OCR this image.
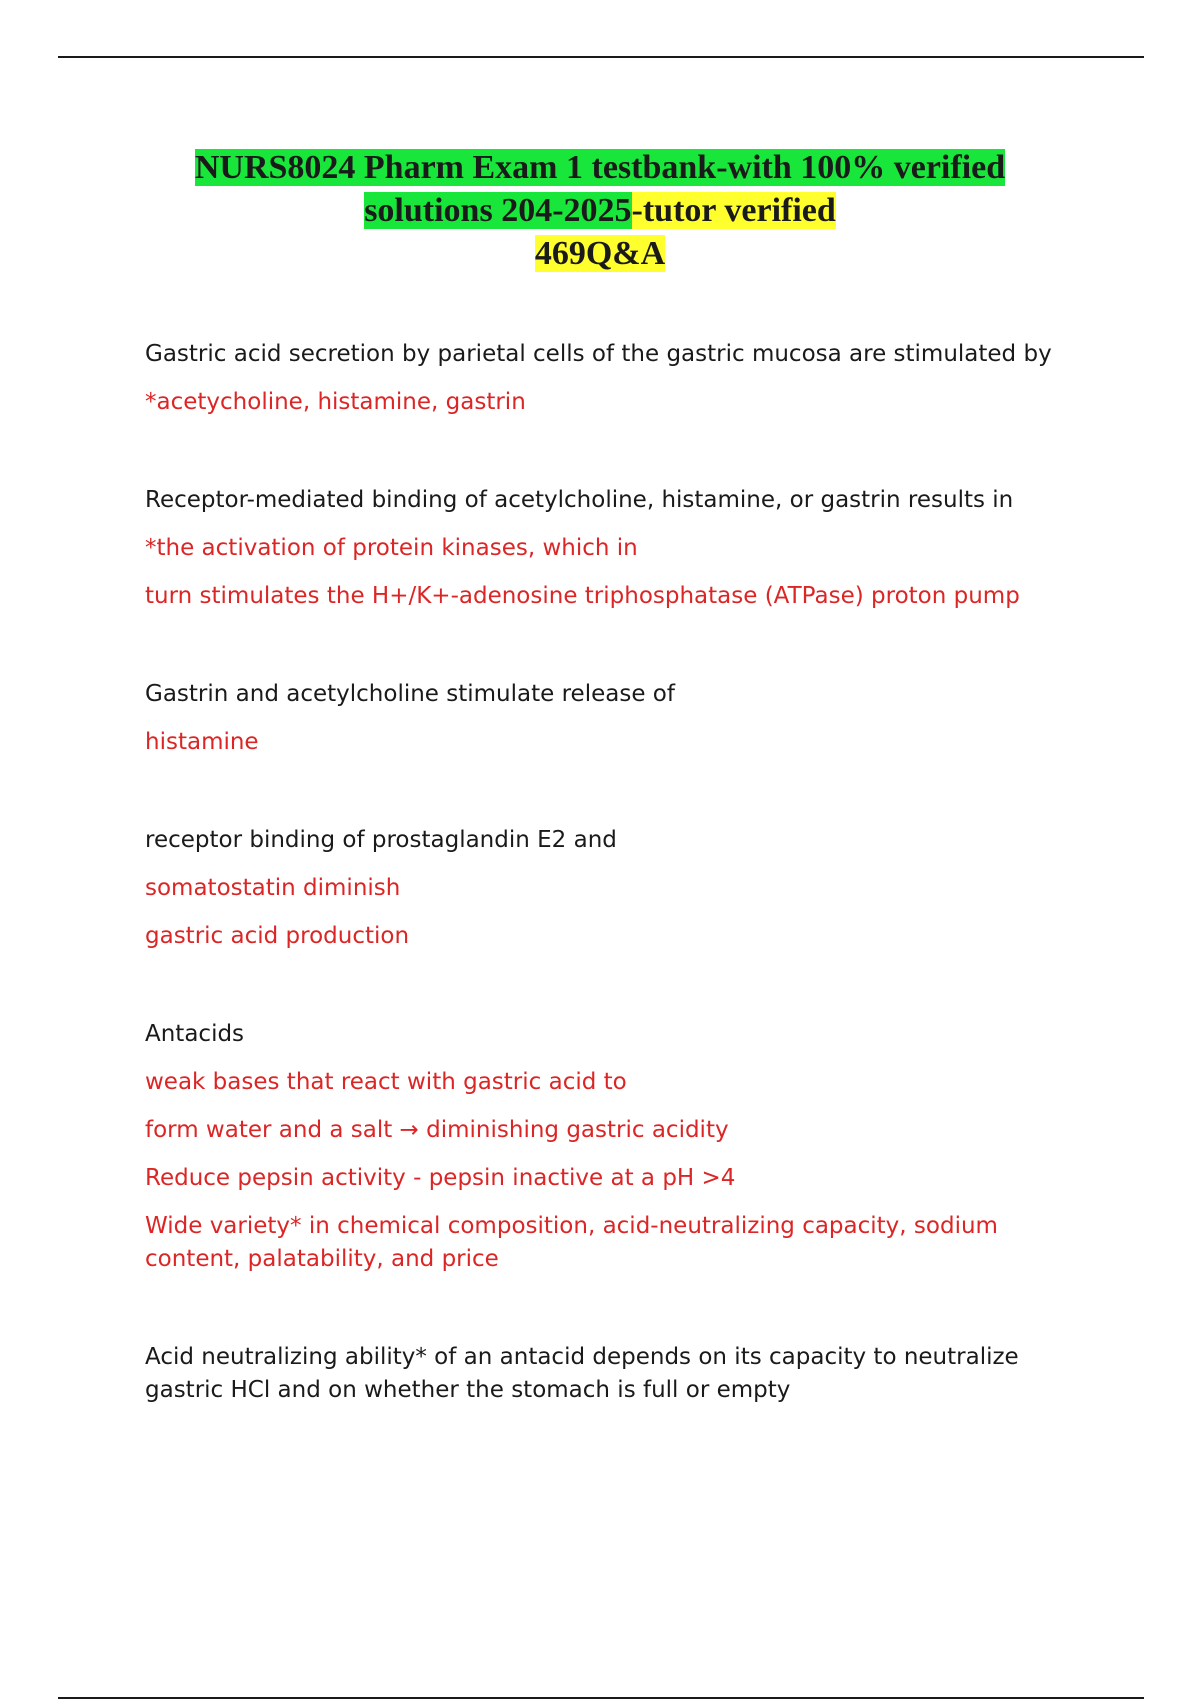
NURS8024 Pharm Exam 1 testbank-with 100% verified
solutions 204-2025-tutor verified
469Q&A

Gastric acid secretion by parietal cells of the gastric mucosa are stimulated by

*acetycholine, histamine, gastrin

Receptor-mediated binding of acetylcholine, histamine, or gastrin results in

*the activation of protein kinases, which in

turn stimulates the H+/K+-adenosine triphosphatase (ATPase) proton pump

Gastrin and acetylcholine stimulate release of

histamine

receptor binding of prostaglandin E2 and

somatostatin diminish

gastric acid production

Antacids

weak bases that react with gastric acid to

form water and a salt → diminishing gastric acidity

Reduce pepsin activity - pepsin inactive at a pH >4

Wide variety* in chemical composition, acid-neutralizing capacity, sodium content, palatability, and price

Acid neutralizing ability* of an antacid depends on its capacity to neutralize gastric HCl and on whether the stomach is full or empty
